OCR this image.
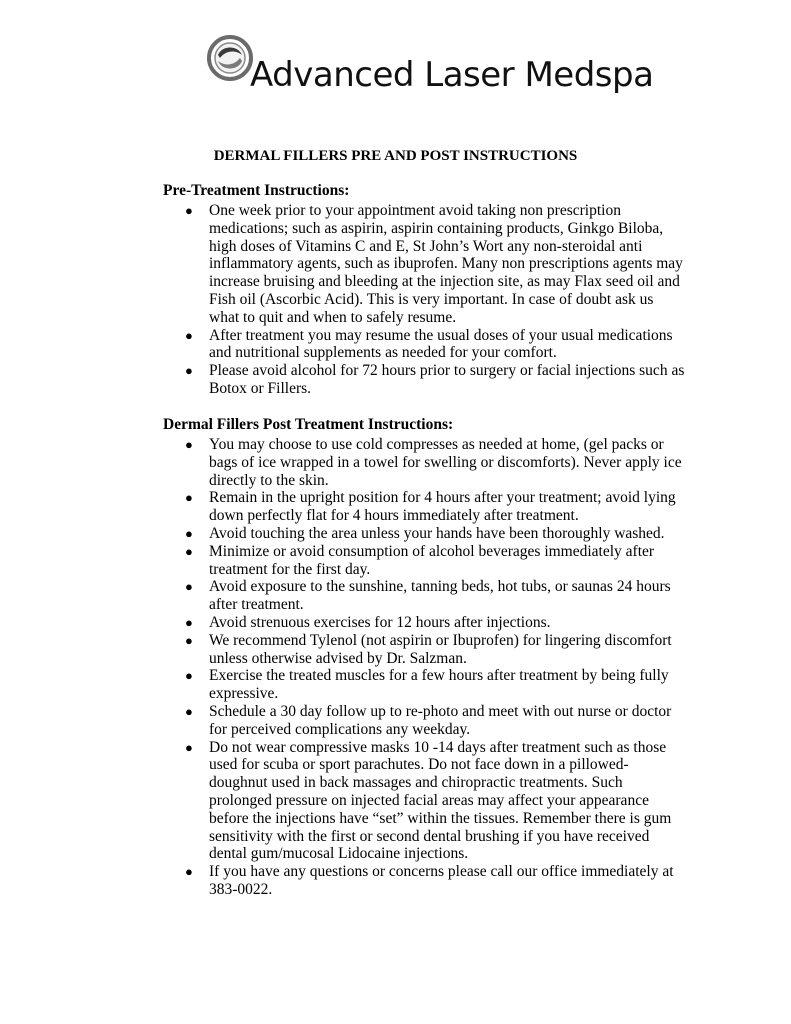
Advanced Laser Medspa
DERMAL FILLERS PRE AND POST INSTRUCTIONS
Pre-Treatment Instructions:
● One week prior to your appointment avoid taking non prescription medications; such as aspirin, aspirin containing products, Ginkgo Biloba, high doses of Vitamins C and E, St John’s Wort any non-steroidal anti inflammatory agents, such as ibuprofen. Many non prescriptions agents may increase bruising and bleeding at the injection site, as may Flax seed oil and Fish oil (Ascorbic Acid). This is very important. In case of doubt ask us what to quit and when to safely resume.
● After treatment you may resume the usual doses of your usual medications and nutritional supplements as needed for your comfort.
● Please avoid alcohol for 72 hours prior to surgery or facial injections such as Botox or Fillers.
Dermal Fillers Post Treatment Instructions:
● You may choose to use cold compresses as needed at home, (gel packs or bags of ice wrapped in a towel for swelling or discomforts). Never apply ice directly to the skin.
● Remain in the upright position for 4 hours after your treatment; avoid lying down perfectly flat for 4 hours immediately after treatment.
● Avoid touching the area unless your hands have been thoroughly washed.
● Minimize or avoid consumption of alcohol beverages immediately after treatment for the first day.
● Avoid exposure to the sunshine, tanning beds, hot tubs, or saunas 24 hours after treatment.
● Avoid strenuous exercises for 12 hours after injections.
● We recommend Tylenol (not aspirin or Ibuprofen) for lingering discomfort unless otherwise advised by Dr. Salzman.
● Exercise the treated muscles for a few hours after treatment by being fully expressive.
● Schedule a 30 day follow up to re-photo and meet with out nurse or doctor for perceived complications any weekday.
● Do not wear compressive masks 10 -14 days after treatment such as those used for scuba or sport parachutes. Do not face down in a pillowed-doughnut used in back massages and chiropractic treatments. Such prolonged pressure on injected facial areas may affect your appearance before the injections have “set” within the tissues. Remember there is gum sensitivity with the first or second dental brushing if you have received dental gum/mucosal Lidocaine injections.
● If you have any questions or concerns please call our office immediately at 383-0022.
